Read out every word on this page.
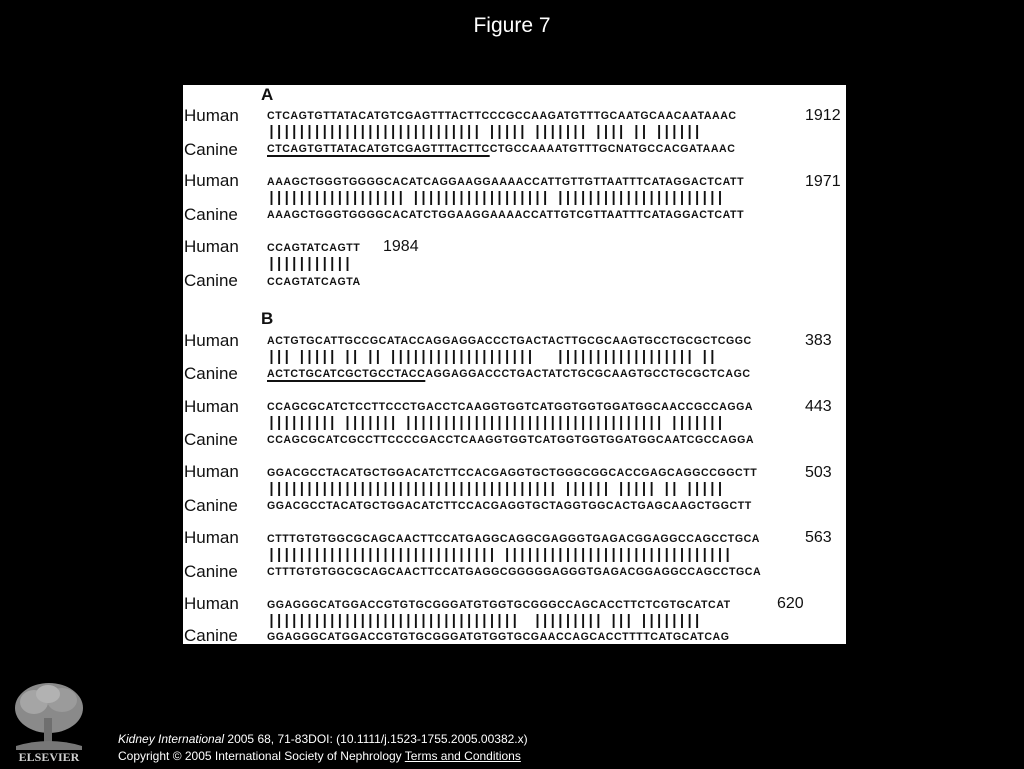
Figure 7
A
Human	CTCAGTGTTATACATGTCGAGTTTACTTCCCGCCAAGATGTTTGCAATGCAACAATAAAC	1912
|||||||||||||||||||||||||||| ||||| ||||||| |||| || ||||||
Canine	CTCAGTGTTATACATGTCGAGTTTACTTCCTGCCAAAATGTTTGCNATGCCACGATAAAC
Human	AAAGCTGGGTGGGGCACATCAGGAAGGAAAACCATTGTTGTTAATTTCATAGGACTCATT	1971
|||||||||||||||||| |||||||||||||||||| ||||||||||||||||||||||
Canine	AAAGCTGGGTGGGGCACATCTGGAAGGAAAACCATTGTCGTTAATTTCATAGGACTCATT
Human	CCAGTATCAGTT 1984
|||||||||||
Canine	CCAGTATCAGTA
B
Human	ACTGTGCATTGCCGCATACCAGGAGGACCCTGACTACTTGCGCAAGTGCCTGCGCTCGGC	383
||| ||||| || || |||||||||||||||||||   |||||||||||||||||| ||
Canine	ACTCTGCATCGCTGCCTACCAGGAGGACCCTGACTATCTGCGCAAGTGCCTGCGCTCAGC
Human	CCAGCGCATCTCCTTCCCTGACCTCAAGGTGGTCATGGTGGTGGATGGCAACCGCCAGGA	443
||||||||| ||||||| |||||||||||||||||||||||||||||||||| |||||||
Canine	CCAGCGCATCGCCTTCCCCGACCTCAAGGTGGTCATGGTGGTGGATGGCAATCGCCAGGA
Human	GGACGCCTACATGCTGGACATCTTCCACGAGGTGCTGGGCGGCACCGAGCAGGCCGGCTT	503
|||||||||||||||||||||||||||||||||||||| |||||| ||||| || |||||
Canine	GGACGCCTACATGCTGGACATCTTCCACGAGGTGCTAGGTGGCACTGAGCAAGCTGGCTT
Human	CTTTGTGTGGCGCAGCAACTTCCATGAGGCAGGCGAGGGTGAGACGGAGGCCAGCCTGCA	563
|||||||||||||||||||||||||||||| ||||||||||||||||||||||||||||||
Canine	CTTTGTGTGGCGCAGCAACTTCCATGAGGCGGGGGAGGGTGAGACGGAGGCCAGCCTGCA
Human	GGAGGGCATGGACCGTGTGCGGGATGTGGTGCGGGCCAGCACCTTCTCGTGCATCAT	620
|||||||||||||||||||||||||||||||||  ||||||||| ||| ||||||||
Canine	GGAGGGCATGGACCGTGTGCGGGATGTGGTGCGAACCAGCACCTTTTCATGCATCAG
ELSEVIER
Kidney International 2005 68, 71-83DOI: (10.1111/j.1523-1755.2005.00382.x)
Copyright © 2005 International Society of Nephrology Terms and Conditions
